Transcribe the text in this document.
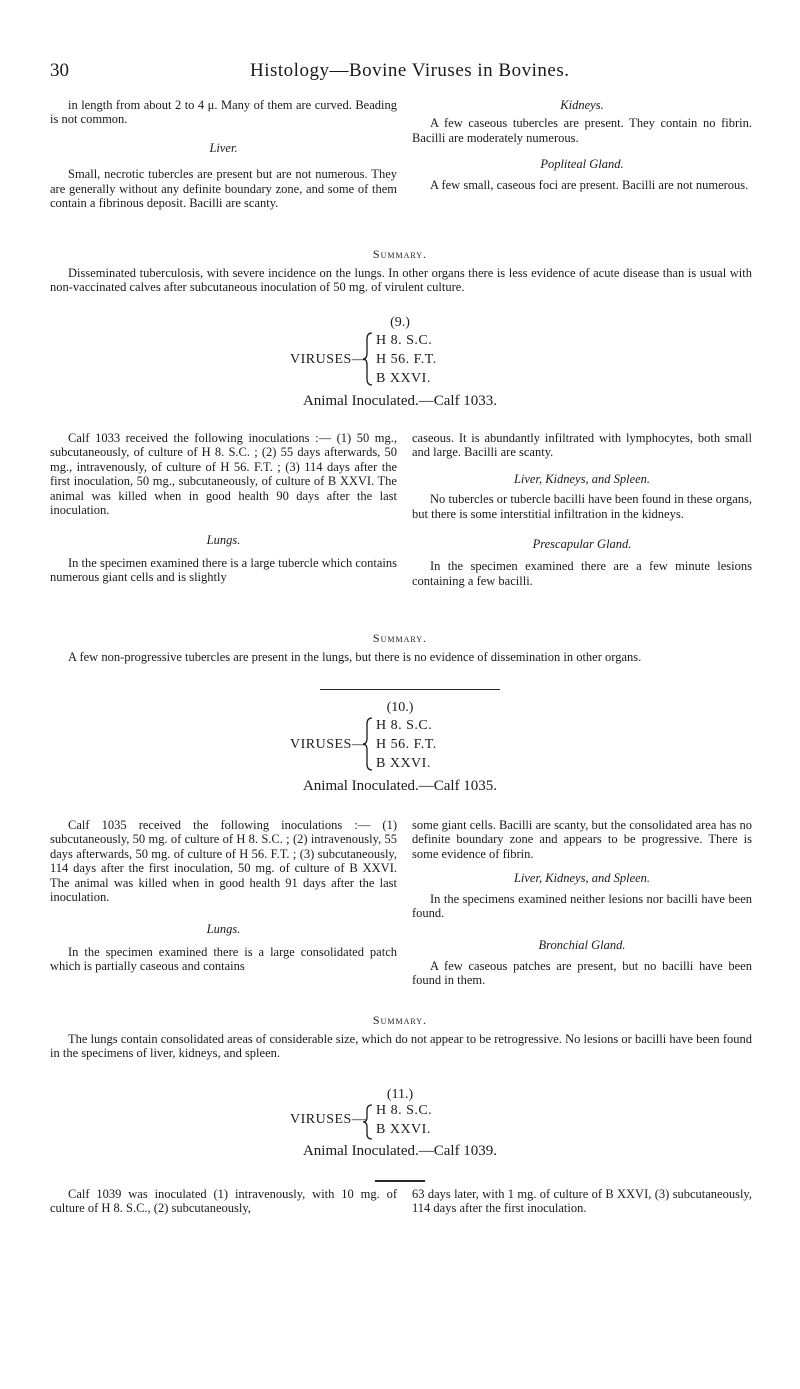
30	Histology—Bovine Viruses in Bovines.

in length from about 2 to 4 μ. Many of them are curved. Beading is not common.

Liver.

Small, necrotic tubercles are present but are not numerous. They are generally without any definite boundary zone, and some of them contain a fibrinous deposit. Bacilli are scanty.

Kidneys.

A few caseous tubercles are present. They contain no fibrin. Bacilli are moderately numerous.

Popliteal Gland.

A few small, caseous foci are present. Bacilli are not numerous.

Summary.

Disseminated tuberculosis, with severe incidence on the lungs. In other organs there is less evidence of acute disease than is usual with non-vaccinated calves after subcutaneous inoculation of 50 mg. of virulent culture.

(9.)
VIRUSES—
H 8. S.C.
H 56. F.T.
B XXVI.
Animal Inoculated.—Calf 1033.

Calf 1033 received the following inoculations :— (1) 50 mg., subcutaneously, of culture of H 8. S.C. ; (2) 55 days afterwards, 50 mg., intravenously, of culture of H 56. F.T. ; (3) 114 days after the first inoculation, 50 mg., subcutaneously, of culture of B XXVI. The animal was killed when in good health 90 days after the last inoculation.

Lungs.

In the specimen examined there is a large tubercle which contains numerous giant cells and is slightly

caseous. It is abundantly infiltrated with lymphocytes, both small and large. Bacilli are scanty.

Liver, Kidneys, and Spleen.

No tubercles or tubercle bacilli have been found in these organs, but there is some interstitial infiltration in the kidneys.

Prescapular Gland.

In the specimen examined there are a few minute lesions containing a few bacilli.

Summary.

A few non-progressive tubercles are present in the lungs, but there is no evidence of dissemination in other organs.

(10.)
VIRUSES—
H 8. S.C.
H 56. F.T.
B XXVI.
Animal Inoculated.—Calf 1035.

Calf 1035 received the following inoculations :— (1) subcutaneously, 50 mg. of culture of H 8. S.C. ; (2) intravenously, 55 days afterwards, 50 mg. of culture of H 56. F.T. ; (3) subcutaneously, 114 days after the first inoculation, 50 mg. of culture of B XXVI. The animal was killed when in good health 91 days after the last inoculation.

Lungs.

In the specimen examined there is a large consolidated patch which is partially caseous and contains

some giant cells. Bacilli are scanty, but the consolidated area has no definite boundary zone and appears to be progressive. There is some evidence of fibrin.

Liver, Kidneys, and Spleen.

In the specimens examined neither lesions nor bacilli have been found.

Bronchial Gland.

A few caseous patches are present, but no bacilli have been found in them.

Summary.

The lungs contain consolidated areas of considerable size, which do not appear to be retrogressive. No lesions or bacilli have been found in the specimens of liver, kidneys, and spleen.

(11.)
VIRUSES—
H 8. S.C.
B XXVI.
Animal Inoculated.—Calf 1039.

Calf 1039 was inoculated (1) intravenously, with 10 mg. of culture of H 8. S.C., (2) subcutaneously,

63 days later, with 1 mg. of culture of B XXVI, (3) subcutaneously, 114 days after the first inoculation.
